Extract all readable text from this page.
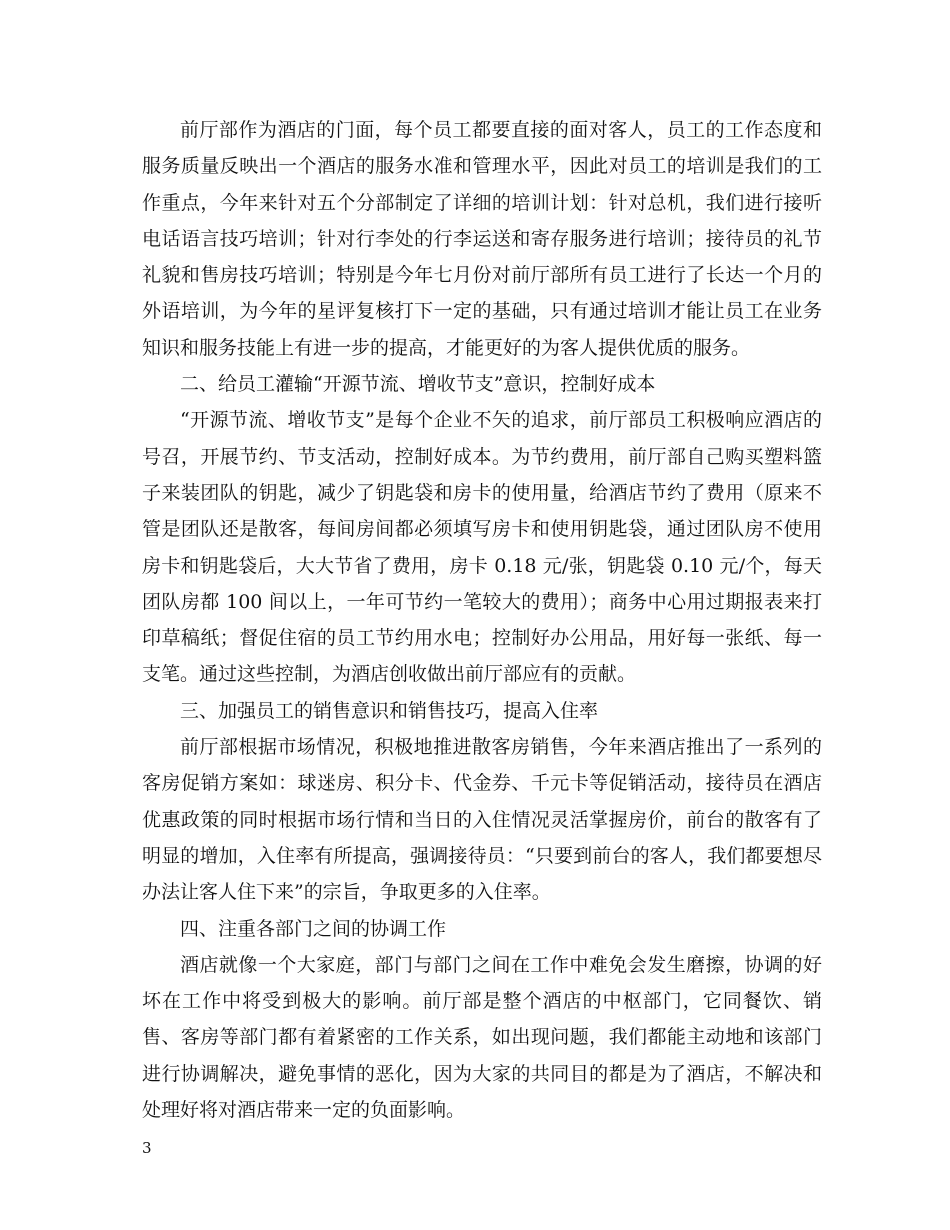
前厅部作为酒店的门面，每个员工都要直接的面对客人，员工的工作态度和服务质量反映出一个酒店的服务水准和管理水平，因此对员工的培训是我们的工作重点，今年来针对五个分部制定了详细的培训计划：针对总机，我们进行接听电话语言技巧培训；针对行李处的行李运送和寄存服务进行培训；接待员的礼节礼貌和售房技巧培训；特别是今年七月份对前厅部所有员工进行了长达一个月的外语培训，为今年的星评复核打下一定的基础，只有通过培训才能让员工在业务知识和服务技能上有进一步的提高，才能更好的为客人提供优质的服务。

二、给员工灌输“开源节流、增收节支”意识，控制好成本

“开源节流、增收节支”是每个企业不矢的追求，前厅部员工积极响应酒店的号召，开展节约、节支活动，控制好成本。为节约费用，前厅部自己购买塑料篮子来装团队的钥匙，减少了钥匙袋和房卡的使用量，给酒店节约了费用（原来不管是团队还是散客，每间房间都必须填写房卡和使用钥匙袋，通过团队房不使用房卡和钥匙袋后，大大节省了费用，房卡 0.18 元/张，钥匙袋 0.10 元/个，每天团队房都 100 间以上，一年可节约一笔较大的费用）；商务中心用过期报表来打印草稿纸；督促住宿的员工节约用水电；控制好办公用品，用好每一张纸、每一支笔。通过这些控制，为酒店创收做出前厅部应有的贡献。

三、加强员工的销售意识和销售技巧，提高入住率

前厅部根据市场情况，积极地推进散客房销售，今年来酒店推出了一系列的客房促销方案如：球迷房、积分卡、代金券、千元卡等促销活动，接待员在酒店优惠政策的同时根据市场行情和当日的入住情况灵活掌握房价，前台的散客有了明显的增加，入住率有所提高，强调接待员：“只要到前台的客人，我们都要想尽办法让客人住下来”的宗旨，争取更多的入住率。

四、注重各部门之间的协调工作

酒店就像一个大家庭，部门与部门之间在工作中难免会发生磨擦，协调的好坏在工作中将受到极大的影响。前厅部是整个酒店的中枢部门，它同餐饮、销售、客房等部门都有着紧密的工作关系，如出现问题，我们都能主动地和该部门进行协调解决，避免事情的恶化，因为大家的共同目的都是为了酒店，不解决和处理好将对酒店带来一定的负面影响。

3
